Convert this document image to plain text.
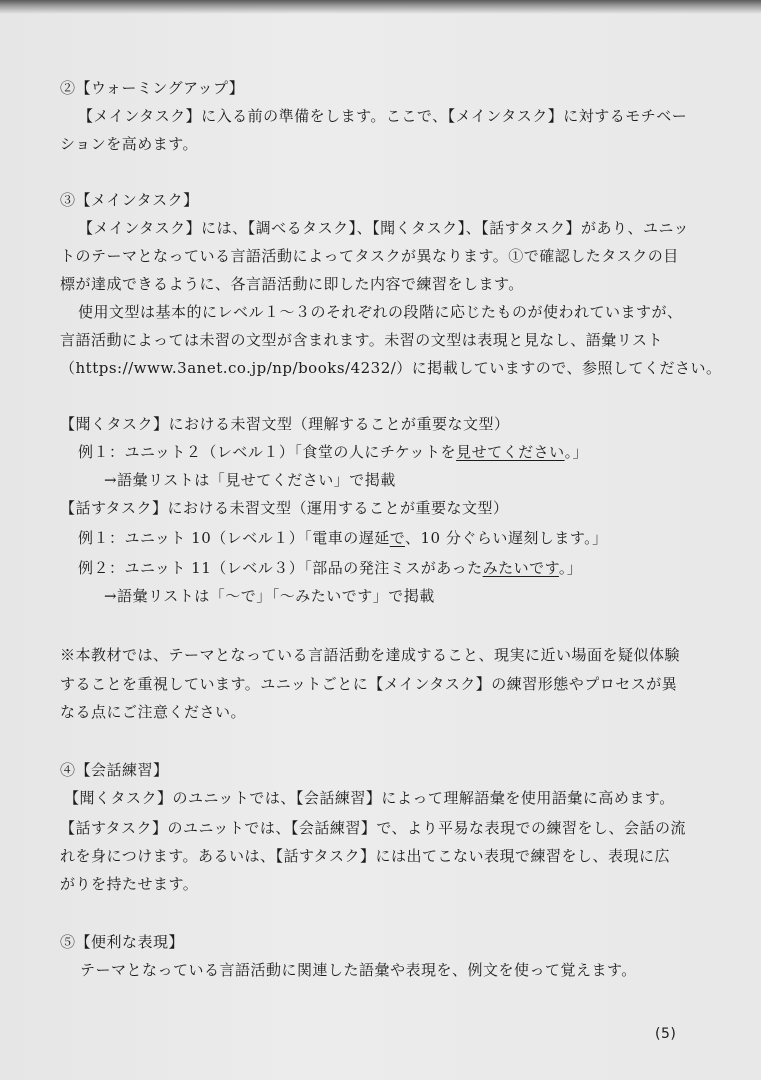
②【ウォーミングアップ】
【メインタスク】に入る前の準備をします。ここで、【メインタスク】に対するモチベー
ションを高めます。
③【メインタスク】
【メインタスク】には、【調べるタスク】、【聞くタスク】、【話すタスク】があり、ユニッ
トのテーマとなっている言語活動によってタスクが異なります。①で確認したタスクの目
標が達成できるように、各言語活動に即した内容で練習をします。
使用文型は基本的にレベル１～３のそれぞれの段階に応じたものが使われていますが、
言語活動によっては未習の文型が含まれます。未習の文型は表現と見なし、語彙リスト
（https://www.3anet.co.jp/np/books/4232/）に掲載していますので、参照してください。
【聞くタスク】における未習文型（理解することが重要な文型）
例１：ユニット２（レベル１）「食堂の人にチケットを見せてください。」
→語彙リストは「見せてください」で掲載
【話すタスク】における未習文型（運用することが重要な文型）
例１：ユニット 10（レベル１）「電車の遅延で、10 分ぐらい遅刻します。」
例２：ユニット 11（レベル３）「部品の発注ミスがあったみたいです。」
→語彙リストは「～で」「～みたいです」で掲載
※本教材では、テーマとなっている言語活動を達成すること、現実に近い場面を疑似体験
することを重視しています。ユニットごとに【メインタスク】の練習形態やプロセスが異
なる点にご注意ください。
④【会話練習】
【聞くタスク】のユニットでは、【会話練習】によって理解語彙を使用語彙に高めます。
【話すタスク】のユニットでは、【会話練習】で、より平易な表現での練習をし、会話の流
れを身につけます。あるいは、【話すタスク】には出てこない表現で練習をし、表現に広
がりを持たせます。
⑤【便利な表現】
テーマとなっている言語活動に関連した語彙や表現を、例文を使って覚えます。
(5)
